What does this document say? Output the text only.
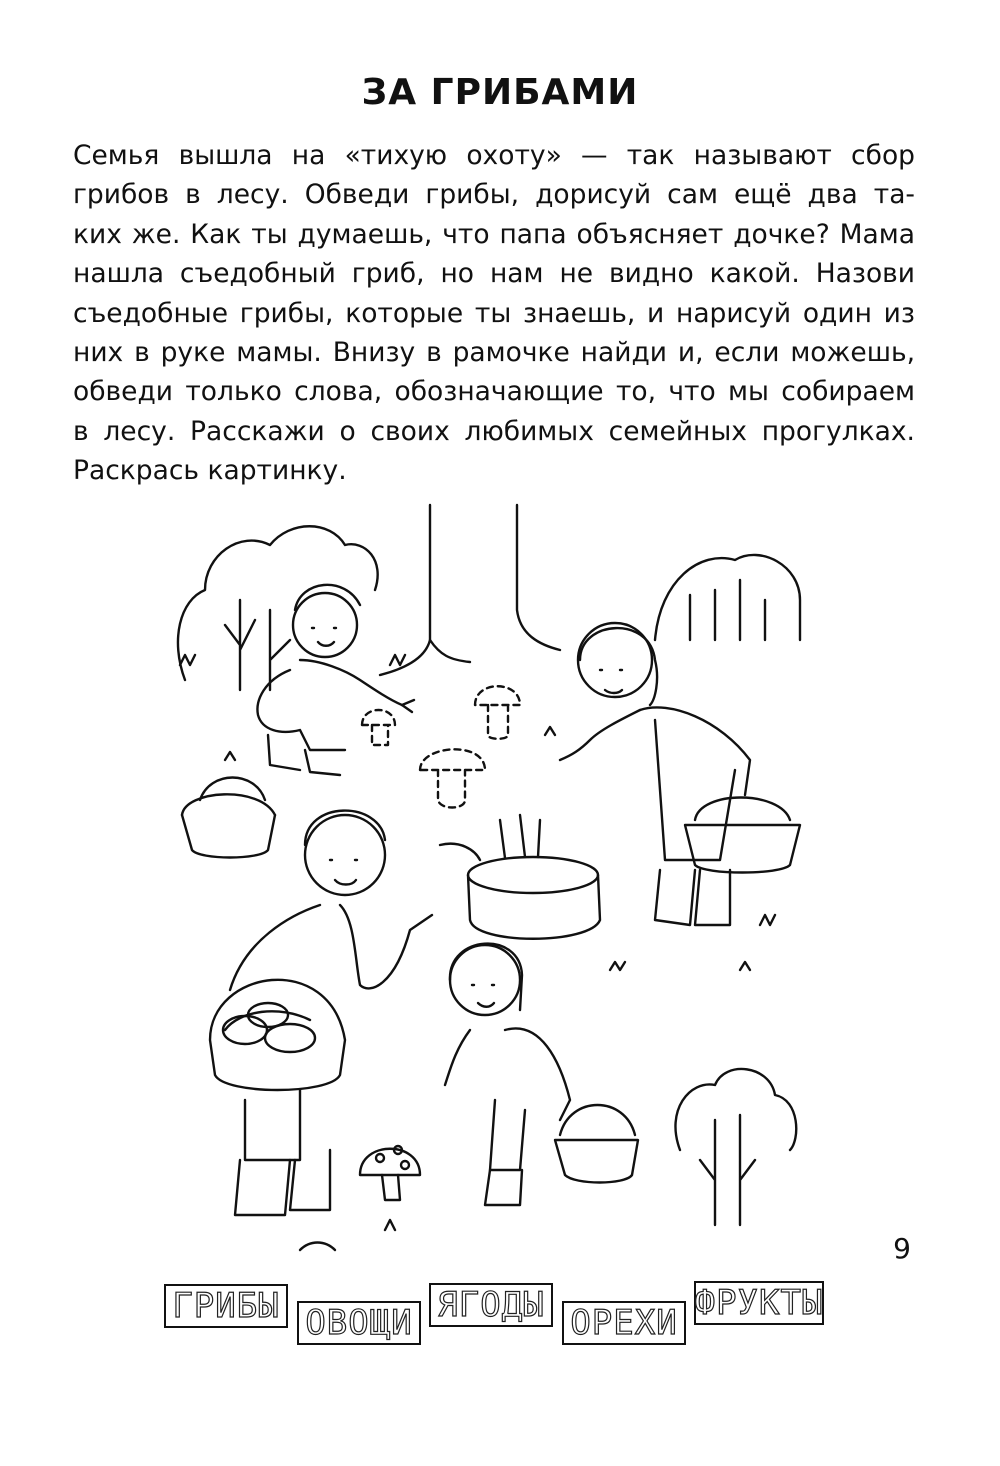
ЗА ГРИБАМИ
Семья вышла на «тихую охоту» — так называют сбор
грибов в лесу. Обведи грибы, дорисуй сам ещё два та-
ких же. Как ты думаешь, что папа объясняет дочке? Мама
нашла съедобный гриб, но нам не видно какой. Назови
съедобные грибы, которые ты знаешь, и нарисуй один из
них в руке мамы. Внизу в рамочке найди и, если можешь,
обведи только слова, обозначающие то, что мы собираем
в лесу. Расскажи о своих любимых семейных прогулках.
Раскрась картинку.
ГРИБЫ ОВОЩИ ЯГОДЫ ОРЕХИ ФРУКТЫ
9
